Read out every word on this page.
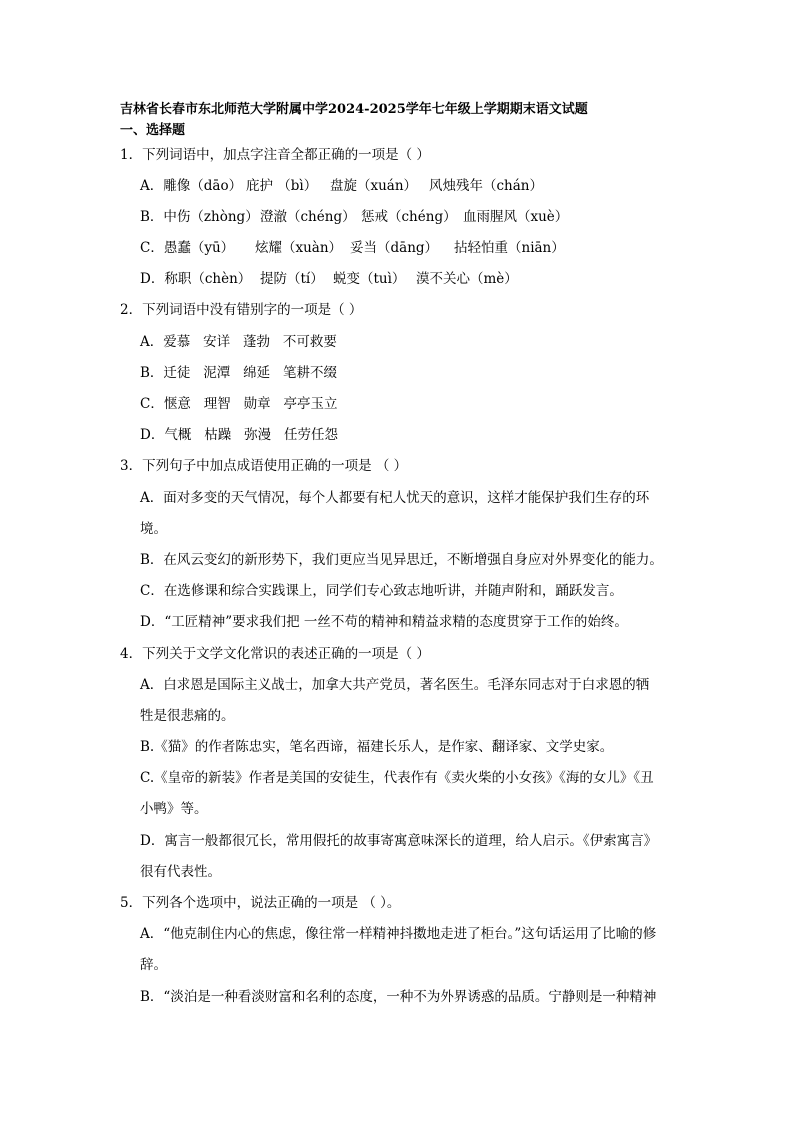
吉林省长春市东北师范大学附属中学2024-2025学年七年级上学期期末语文试题
一、选择题
1．下列词语中，加点字注音全都正确的一项是（ ）
A．雕像（dāo） 庇护 （bì） 盘旋（xuán） 风烛残年（chán）
B．中伤（zhòng）澄澈（chéng） 惩戒（chéng） 血雨腥风（xuè）
C．愚蠢（yū） 炫耀（xuàn） 妥当（dāng） 拈轻怕重（niān）
D．称职（chèn） 提防（tí） 蜕变（tuì） 漠不关心（mè）
2．下列词语中没有错别字的一项是（ ）
A．爱慕   安详   蓬勃   不可救要
B．迁徒   泥潭   绵延   笔耕不缀
C．惬意   理智   勋章   亭亭玉立
D．气概   枯躁   弥漫   任劳任怨
3．下列句子中加点成语使用正确的一项是 （ ）
A．面对多变的天气情况，每个人都要有杞人忧天的意识，这样才能保护我们生存的环
境。
B．在风云变幻的新形势下，我们更应当见异思迁，不断增强自身应对外界变化的能力。
C．在选修课和综合实践课上，同学们专心致志地听讲，并随声附和，踊跃发言。
D．“工匠精神”要求我们把 一丝不苟的精神和精益求精的态度贯穿于工作的始终。
4．下列关于文学文化常识的表述正确的一项是（ ）
A．白求恩是国际主义战士，加拿大共产党员，著名医生。毛泽东同志对于白求恩的牺
牲是很悲痛的。
B.《猫》的作者陈忠实，笔名西谛，福建长乐人，是作家、翻译家、文学史家。
C.《皇帝的新装》作者是美国的安徒生，代表作有《卖火柴的小女孩》《海的女儿》《丑
小鸭》等。
D．寓言一般都很冗长，常用假托的故事寄寓意味深长的道理，给人启示。《伊索寓言》
很有代表性。
5．下列各个选项中，说法正确的一项是 （ ）。
A．“他克制住内心的焦虑，像往常一样精神抖擞地走进了柜台。”这句话运用了比喻的修
辞。
B．“淡泊是一种看淡财富和名利的态度，一种不为外界诱惑的品质。宁静则是一种精神
